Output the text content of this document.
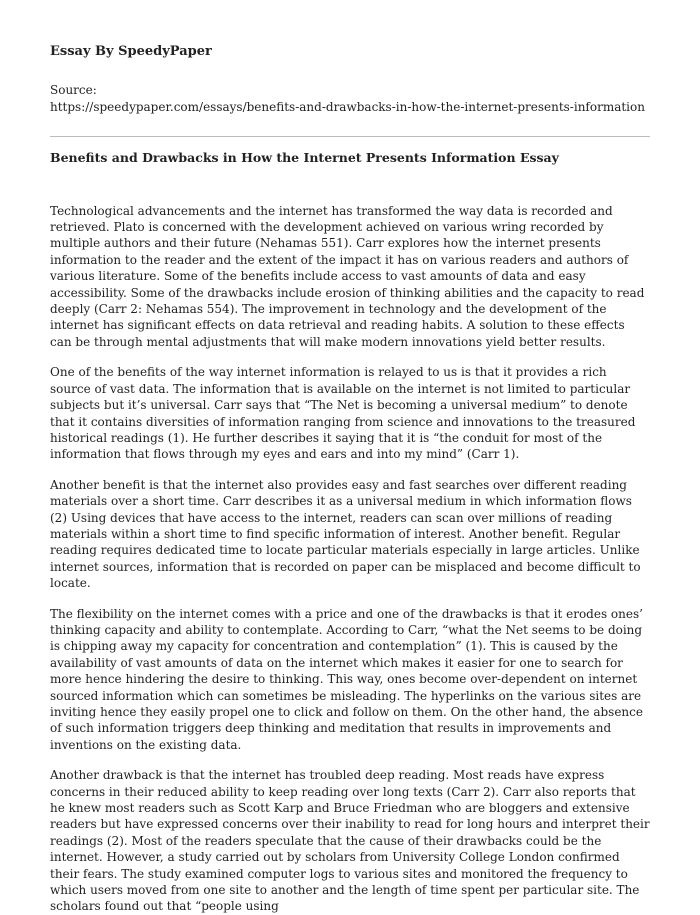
Essay By SpeedyPaper

Source:

https://speedypaper.com/essays/benefits-and-drawbacks-in-how-the-internet-presents-information

Benefits and Drawbacks in How the Internet Presents Information Essay

Technological advancements and the internet has transformed the way data is recorded and retrieved. Plato is concerned with the development achieved on various wring recorded by multiple authors and their future (Nehamas 551). Carr explores how the internet presents information to the reader and the extent of the impact it has on various readers and authors of various literature. Some of the benefits include access to vast amounts of data and easy accessibility. Some of the drawbacks include erosion of thinking abilities and the capacity to read deeply (Carr 2: Nehamas 554). The improvement in technology and the development of the internet has significant effects on data retrieval and reading habits. A solution to these effects can be through mental adjustments that will make modern innovations yield better results.

One of the benefits of the way internet information is relayed to us is that it provides a rich source of vast data. The information that is available on the internet is not limited to particular subjects but it’s universal. Carr says that “The Net is becoming a universal medium” to denote that it contains diversities of information ranging from science and innovations to the treasured historical readings (1). He further describes it saying that it is “the conduit for most of the information that flows through my eyes and ears and into my mind” (Carr 1).

Another benefit is that the internet also provides easy and fast searches over different reading materials over a short time. Carr describes it as a universal medium in which information flows (2) Using devices that have access to the internet, readers can scan over millions of reading materials within a short time to find specific information of interest. Another benefit. Regular reading requires dedicated time to locate particular materials especially in large articles. Unlike internet sources, information that is recorded on paper can be misplaced and become difficult to locate.

The flexibility on the internet comes with a price and one of the drawbacks is that it erodes ones’ thinking capacity and ability to contemplate. According to Carr, “what the Net seems to be doing is chipping away my capacity for concentration and contemplation” (1). This is caused by the availability of vast amounts of data on the internet which makes it easier for one to search for more hence hindering the desire to thinking. This way, ones become over-dependent on internet sourced information which can sometimes be misleading. The hyperlinks on the various sites are inviting hence they easily propel one to click and follow on them. On the other hand, the absence of such information triggers deep thinking and meditation that results in improvements and inventions on the existing data.

Another drawback is that the internet has troubled deep reading. Most reads have express concerns in their reduced ability to keep reading over long texts (Carr 2). Carr also reports that he knew most readers such as Scott Karp and Bruce Friedman who are bloggers and extensive readers but have expressed concerns over their inability to read for long hours and interpret their readings (2). Most of the readers speculate that the cause of their drawbacks could be the internet. However, a study carried out by scholars from University College London confirmed their fears. The study examined computer logs to various sites and monitored the frequency to which users moved from one site to another and the length of time spent per particular site. The scholars found out that “people using
